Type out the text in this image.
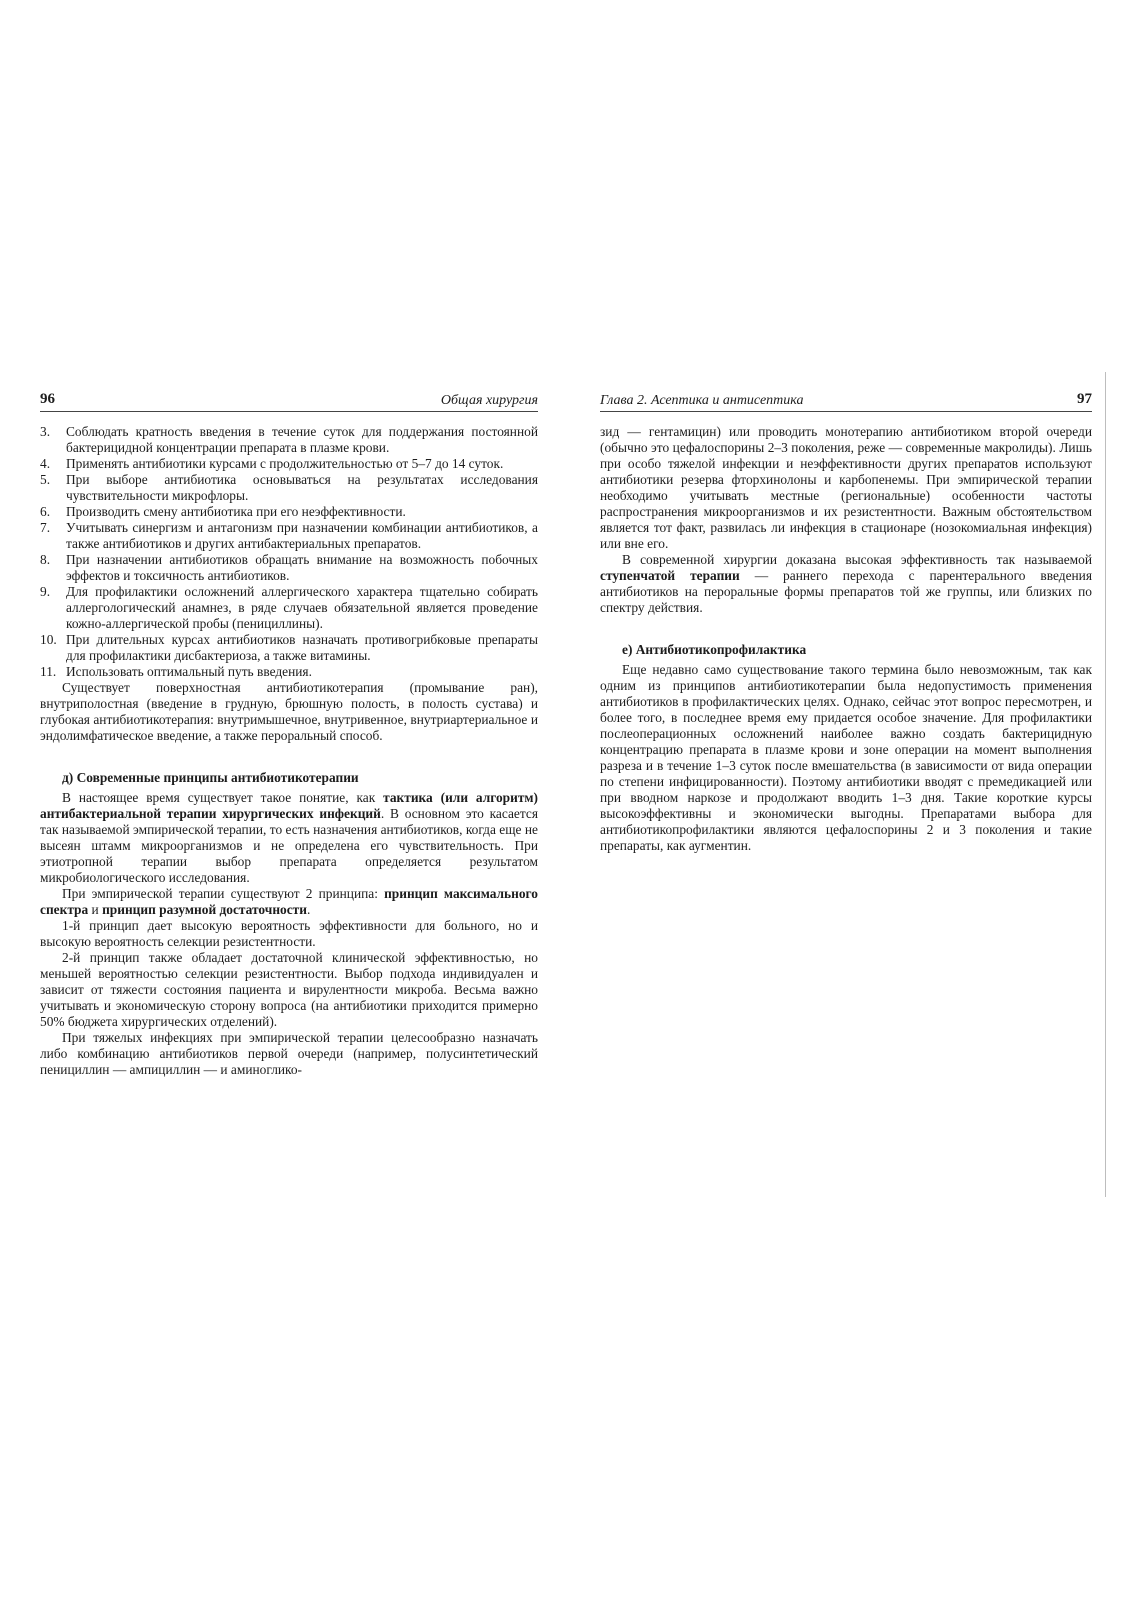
96	Общая хирургия
3.	Соблюдать кратность введения в течение суток для поддержания постоянной бактерицидной концентрации препарата в плазме крови.
4.	Применять антибиотики курсами с продолжительностью от 5–7 до 14 суток.
5.	При выборе антибиотика основываться на результатах исследования чувствительности микрофлоры.
6.	Производить смену антибиотика при его неэффективности.
7.	Учитывать синергизм и антагонизм при назначении комбинации антибиотиков, а также антибиотиков и других антибактериальных препаратов.
8.	При назначении антибиотиков обращать внимание на возможность побочных эффектов и токсичность антибиотиков.
9.	Для профилактики осложнений аллергического характера тщательно собирать аллергологический анамнез, в ряде случаев обязательной является проведение кожно-аллергической пробы (пенициллины).
10. При длительных курсах антибиотиков назначать противогрибковые препараты для профилактики дисбактериоза, а также витамины.
11. Использовать оптимальный путь введения.

Существует поверхностная антибиотикотерапия (промывание ран), внутриполостная (введение в грудную, брюшную полость, в полость сустава) и глубокая антибиотикотерапия: внутримышечное, внутривенное, внутриартериальное и эндолимфатическое введение, а также пероральный способ.

д) Современные принципы антибиотикотерапии

В настоящее время существует такое понятие, как тактика (или алгоритм) антибактериальной терапии хирургических инфекций. В основном это касается так называемой эмпирической терапии, то есть назначения антибиотиков, когда еще не высеян штамм микроорганизмов и не определена его чувствительность. При этиотропной терапии выбор препарата определяется результатом микробиологического исследования.

При эмпирической терапии существуют 2 принципа: принцип максимального спектра и принцип разумной достаточности.

1-й принцип дает высокую вероятность эффективности для больного, но и высокую вероятность селекции резистентности.

2-й принцип также обладает достаточной клинической эффективностью, но меньшей вероятностью селекции резистентности. Выбор подхода индивидуален и зависит от тяжести состояния пациента и вирулентности микроба. Весьма важно учитывать и экономическую сторону вопроса (на антибиотики приходится примерно 50% бюджета хирургических отделений).

При тяжелых инфекциях при эмпирической терапии целесообразно назначать либо комбинацию антибиотиков первой очереди (например, полусинтетический пенициллин — ампициллин — и аминоглико-

Глава 2. Асептика и антисептика	97

зид — гентамицин) или проводить монотерапию антибиотиком второй очереди (обычно это цефалоспорины 2–3 поколения, реже — современные макролиды). Лишь при особо тяжелой инфекции и неэффективности других препаратов используют антибиотики резерва фторхинолоны и карбопенемы. При эмпирической терапии необходимо учитывать местные (региональные) особенности частоты распространения микроорганизмов и их резистентности. Важным обстоятельством является тот факт, развилась ли инфекция в стационаре (нозокомиальная инфекция) или вне его.

В современной хирургии доказана высокая эффективность так называемой ступенчатой терапии — раннего перехода с парентерального введения антибиотиков на пероральные формы препаратов той же группы, или близких по спектру действия.

е) Антибиотикопрофилактика

Еще недавно само существование такого термина было невозможным, так как одним из принципов антибиотикотерапии была недопустимость применения антибиотиков в профилактических целях. Однако, сейчас этот вопрос пересмотрен, и более того, в последнее время ему придается особое значение. Для профилактики послеоперационных осложнений наиболее важно создать бактерицидную концентрацию препарата в плазме крови и зоне операции на момент выполнения разреза и в течение 1–3 суток после вмешательства (в зависимости от вида операции по степени инфицированности). Поэтому антибиотики вводят с премедикацией или при вводном наркозе и продолжают вводить 1–3 дня. Такие короткие курсы высокоэффективны и экономически выгодны. Препаратами выбора для антибиотикопрофилактики являются цефалоспорины 2 и 3 поколения и такие препараты, как аугментин.
